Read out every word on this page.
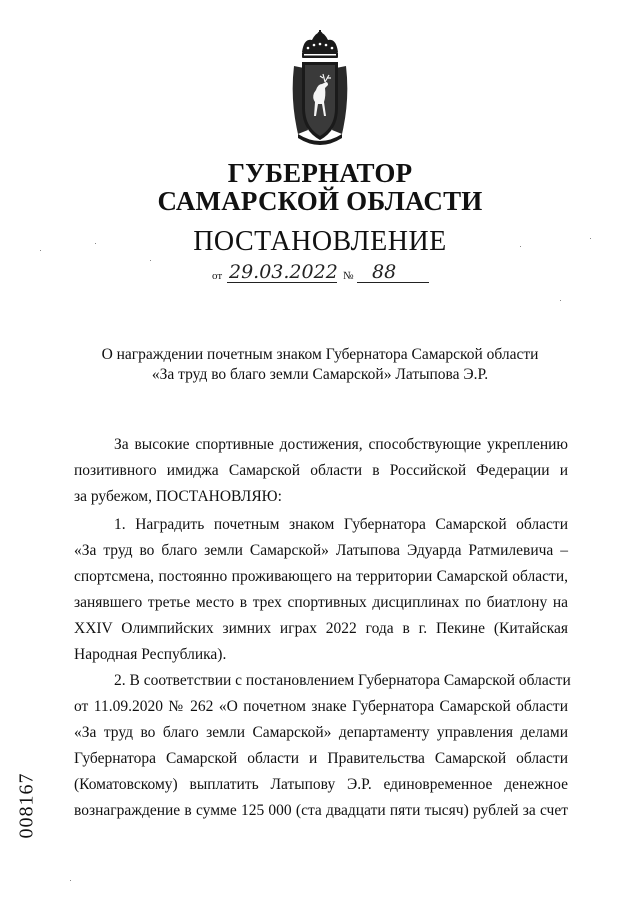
ГУБЕРНАТОР
САМАРСКОЙ ОБЛАСТИ
ПОСТАНОВЛЕНИЕ
от 29.03.2022 № 88
О награждении почетным знаком Губернатора Самарской области
«За труд во благо земли Самарской» Латыпова Э.Р.
За высокие спортивные достижения, способствующие укреплению
позитивного имиджа Самарской области в Российской Федерации и
за рубежом, ПОСТАНОВЛЯЮ:
1. Наградить почетным знаком Губернатора Самарской области
«За труд во благо земли Самарской» Латыпова Эдуарда Ратмилевича –
спортсмена, постоянно проживающего на территории Самарской области,
занявшего третье место в трех спортивных дисциплинах по биатлону на
XXIV Олимпийских зимних играх 2022 года в г. Пекине (Китайская
Народная Республика).
2. В соответствии с постановлением Губернатора Самарской области
от 11.09.2020 № 262 «О почетном знаке Губернатора Самарской области
«За труд во благо земли Самарской» департаменту управления делами
Губернатора Самарской области и Правительства Самарской области
(Коматовскому) выплатить Латыпову Э.Р. единовременное денежное
вознаграждение в сумме 125 000 (ста двадцати пяти тысяч) рублей за счет
008167
